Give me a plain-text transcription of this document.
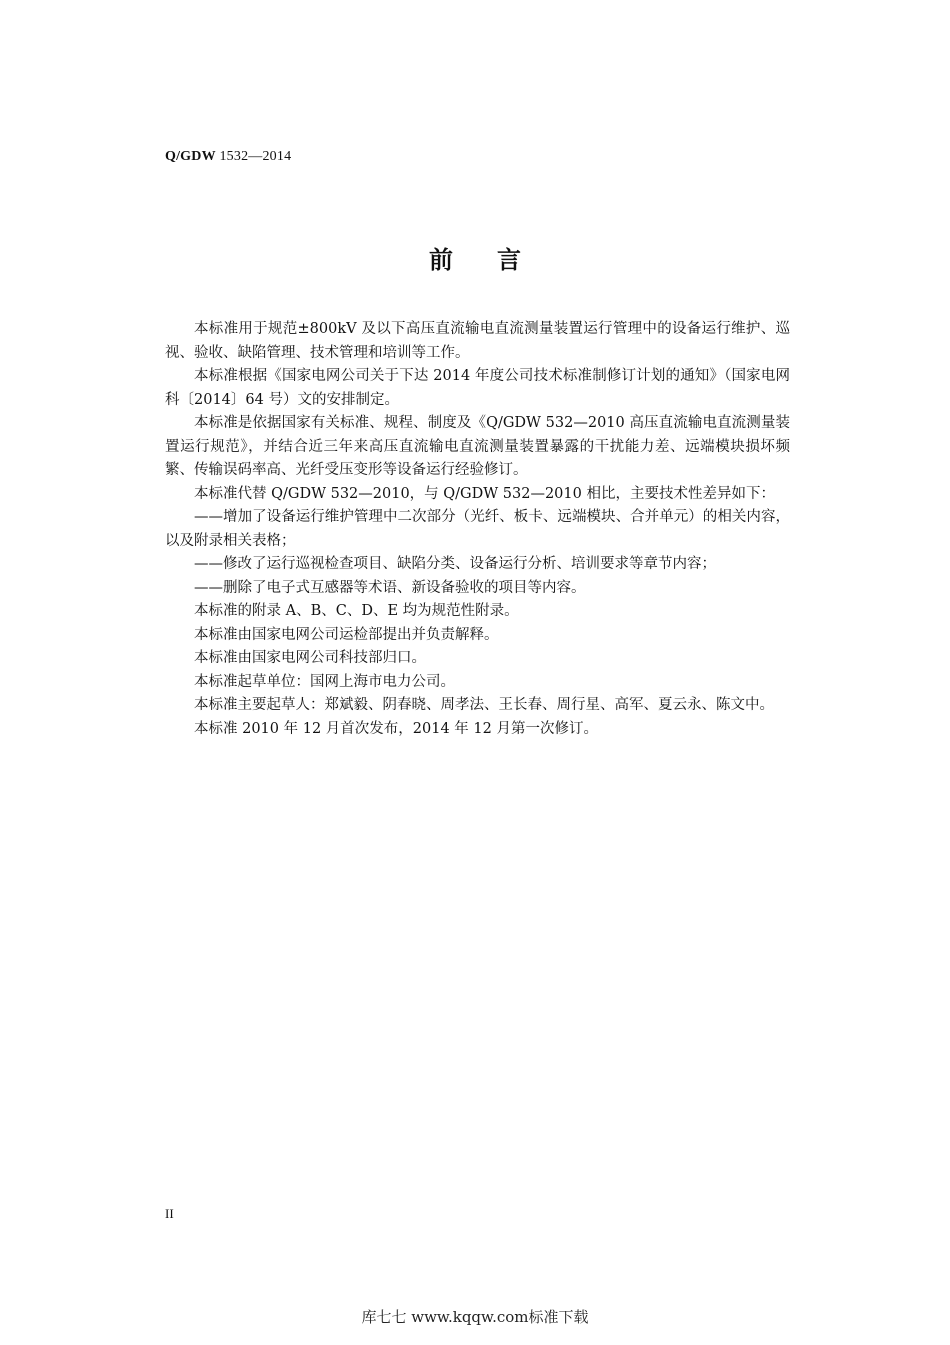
Q/GDW 1532—2014
前言

本标准用于规范±800kV 及以下高压直流输电直流测量装置运行管理中的设备运行维护、巡视、验收、缺陷管理、技术管理和培训等工作。

本标准根据《国家电网公司关于下达 2014 年度公司技术标准制修订计划的通知》（国家电网科〔2014〕64 号）文的安排制定。

本标准是依据国家有关标准、规程、制度及《Q/GDW 532—2010 高压直流输电直流测量装置运行规范》，并结合近三年来高压直流输电直流测量装置暴露的干扰能力差、远端模块损坏频繁、传输误码率高、光纤受压变形等设备运行经验修订。

本标准代替 Q/GDW 532—2010，与 Q/GDW 532—2010 相比，主要技术性差异如下：

——增加了设备运行维护管理中二次部分（光纤、板卡、远端模块、合并单元）的相关内容，以及附录相关表格；

——修改了运行巡视检查项目、缺陷分类、设备运行分析、培训要求等章节内容；

——删除了电子式互感器等术语、新设备验收的项目等内容。

本标准的附录 A、B、C、D、E 均为规范性附录。

本标准由国家电网公司运检部提出并负责解释。

本标准由国家电网公司科技部归口。

本标准起草单位：国网上海市电力公司。

本标准主要起草人：郑斌毅、阴春晓、周孝法、王长春、周行星、高军、夏云永、陈文中。

本标准 2010 年 12 月首次发布，2014 年 12 月第一次修订。

II
库七七 www.kqqw.com标准下载
